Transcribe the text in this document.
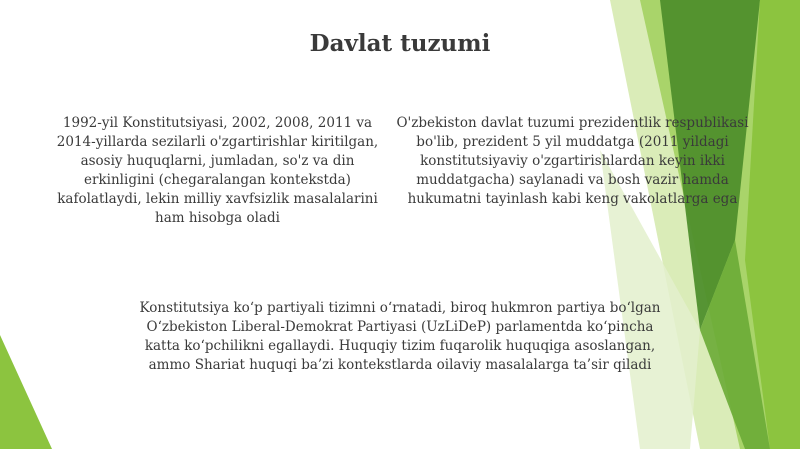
Davlat tuzumi

1992-yil Konstitutsiyasi, 2002, 2008, 2011 va 2014-yillarda sezilarli o'zgartirishlar kiritilgan, asosiy huquqlarni, jumladan, so'z va din erkinligini (chegaralangan kontekstda) kafolatlaydi, lekin milliy xavfsizlik masalalarini ham hisobga oladi

O'zbekiston davlat tuzumi prezidentlik respublikasi bo'lib, prezident 5 yil muddatga (2011 yildagi konstitutsiyaviy o'zgartirishlardan keyin ikki muddatgacha) saylanadi va bosh vazir hamda hukumatni tayinlash kabi keng vakolatlarga ega

Konstitutsiya ko‘p partiyali tizimni o‘rnatadi, biroq hukmron partiya bo‘lgan O‘zbekiston Liberal-Demokrat Partiyasi (UzLiDeP) parlamentda ko‘pincha katta ko‘pchilikni egallaydi. Huquqiy tizim fuqarolik huquqiga asoslangan, ammo Shariat huquqi ba’zi kontekstlarda oilaviy masalalarga ta’sir qiladi
